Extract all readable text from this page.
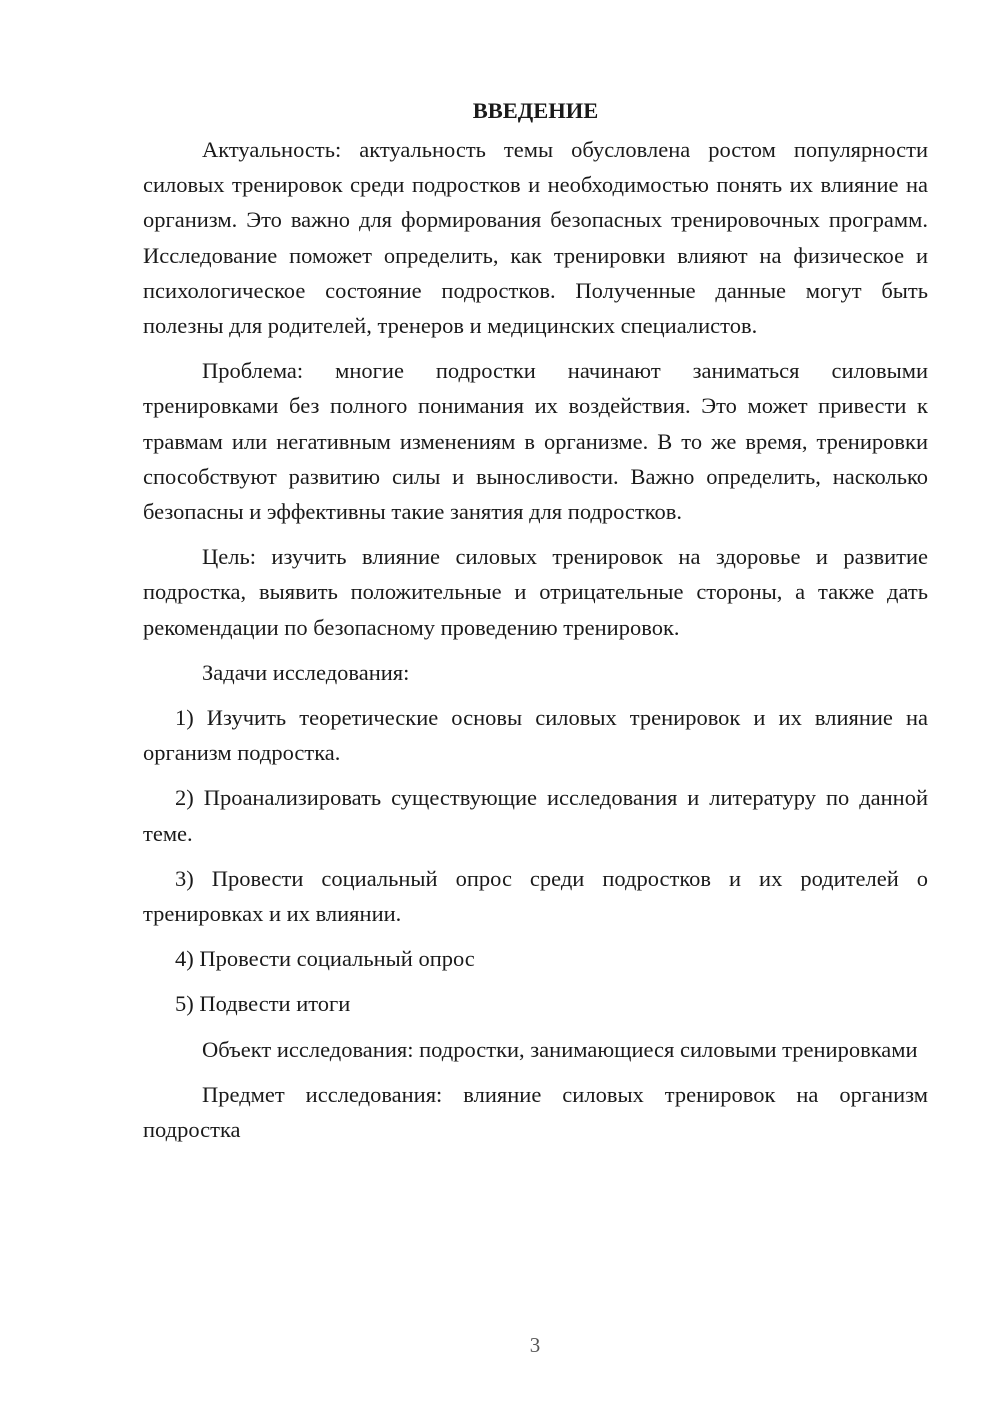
ВВЕДЕНИЕ

Актуальность: актуальность темы обусловлена ростом популярности силовых тренировок среди подростков и необходимостью понять их влияние на организм. Это важно для формирования безопасных тренировочных программ. Исследование поможет определить, как тренировки влияют на физическое и психологическое состояние подростков. Полученные данные могут быть полезны для родителей, тренеров и медицинских специалистов.

Проблема: многие подростки начинают заниматься силовыми тренировками без полного понимания их воздействия. Это может привести к травмам или негативным изменениям в организме. В то же время, тренировки способствуют развитию силы и выносливости. Важно определить, насколько безопасны и эффективны такие занятия для подростков.

Цель: изучить влияние силовых тренировок на здоровье и развитие подростка, выявить положительные и отрицательные стороны, а также дать рекомендации по безопасному проведению тренировок.

Задачи исследования:

1) Изучить теоретические основы силовых тренировок и их влияние на организм подростка.

2) Проанализировать существующие исследования и литературу по данной теме.

3) Провести социальный опрос среди подростков и их родителей о тренировках и их влиянии.

4) Провести социальный опрос

5) Подвести итоги

Объект исследования: подростки, занимающиеся силовыми тренировками

Предмет исследования: влияние силовых тренировок на организм подростка

3
